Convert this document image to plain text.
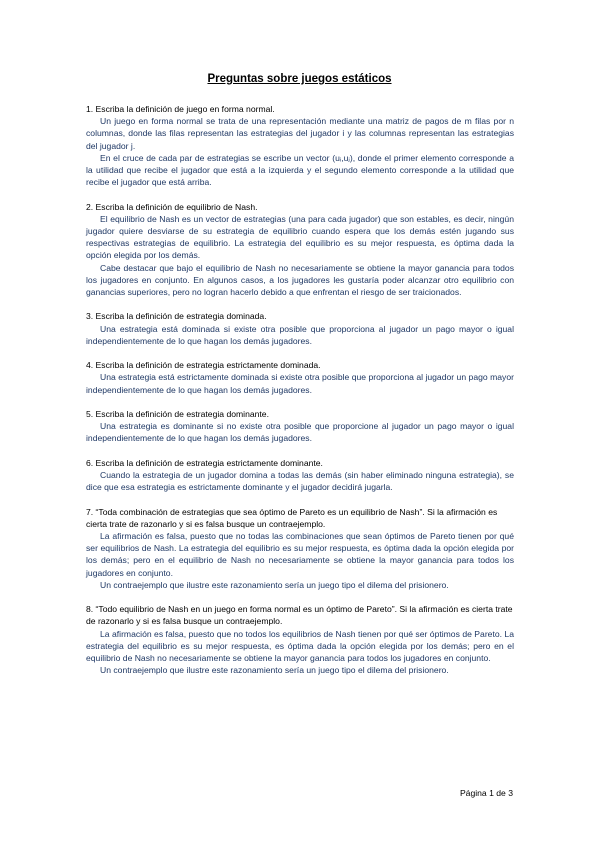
Preguntas sobre juegos estáticos
1. Escriba la definición de juego en forma normal.
Un juego en forma normal se trata de una representación mediante una matriz de pagos de m filas por n columnas, donde las filas representan las estrategias del jugador i y las columnas representan las estrategias del jugador j.
En el cruce de cada par de estrategias se escribe un vector (uᵢ,uⱼ), donde el primer elemento corresponde a la utilidad que recibe el jugador que está a la izquierda y el segundo elemento corresponde a la utilidad que recibe el jugador que está arriba.
2. Escriba la definición de equilibrio de Nash.
El equilibrio de Nash es un vector de estrategias (una para cada jugador) que son estables, es decir, ningún jugador quiere desviarse de su estrategia de equilibrio cuando espera que los demás estén jugando sus respectivas estrategias de equilibrio. La estrategia del equilibrio es su mejor respuesta, es óptima dada la opción elegida por los demás.
Cabe destacar que bajo el equilibrio de Nash no necesariamente se obtiene la mayor ganancia para todos los jugadores en conjunto. En algunos casos, a los jugadores les gustaría poder alcanzar otro equilibrio con ganancias superiores, pero no logran hacerlo debido a que enfrentan el riesgo de ser traicionados.
3. Escriba la definición de estrategia dominada.
Una estrategia está dominada si existe otra posible que proporciona al jugador un pago mayor o igual independientemente de lo que hagan los demás jugadores.
4. Escriba la definición de estrategia estrictamente dominada.
Una estrategia está estrictamente dominada si existe otra posible que proporciona al jugador un pago mayor independientemente de lo que hagan los demás jugadores.
5. Escriba la definición de estrategia dominante.
Una estrategia es dominante si no existe otra posible que proporcione al jugador un pago mayor o igual independientemente de lo que hagan los demás jugadores.
6. Escriba la definición de estrategia estrictamente dominante.
Cuando la estrategia de un jugador domina a todas las demás (sin haber eliminado ninguna estrategia), se dice que esa estrategia es estrictamente dominante y el jugador decidirá jugarla.
7. “Toda combinación de estrategias que sea óptimo de Pareto es un equilibrio de Nash”. Si la afirmación es cierta trate de razonarlo y si es falsa busque un contraejemplo.
La afirmación es falsa, puesto que no todas las combinaciones que sean óptimos de Pareto tienen por qué ser equilibrios de Nash. La estrategia del equilibrio es su mejor respuesta, es óptima dada la opción elegida por los demás; pero en el equilibrio de Nash no necesariamente se obtiene la mayor ganancia para todos los jugadores en conjunto.
Un contraejemplo que ilustre este razonamiento sería un juego tipo el dilema del prisionero.
8. “Todo equilibrio de Nash en un juego en forma normal es un óptimo de Pareto”. Si la afirmación es cierta trate de razonarlo y si es falsa busque un contraejemplo.
La afirmación es falsa, puesto que no todos los equilibrios de Nash tienen por qué ser óptimos de Pareto. La estrategia del equilibrio es su mejor respuesta, es óptima dada la opción elegida por los demás; pero en el equilibrio de Nash no necesariamente se obtiene la mayor ganancia para todos los jugadores en conjunto.
Un contraejemplo que ilustre este razonamiento sería un juego tipo el dilema del prisionero.
Página 1 de 3
